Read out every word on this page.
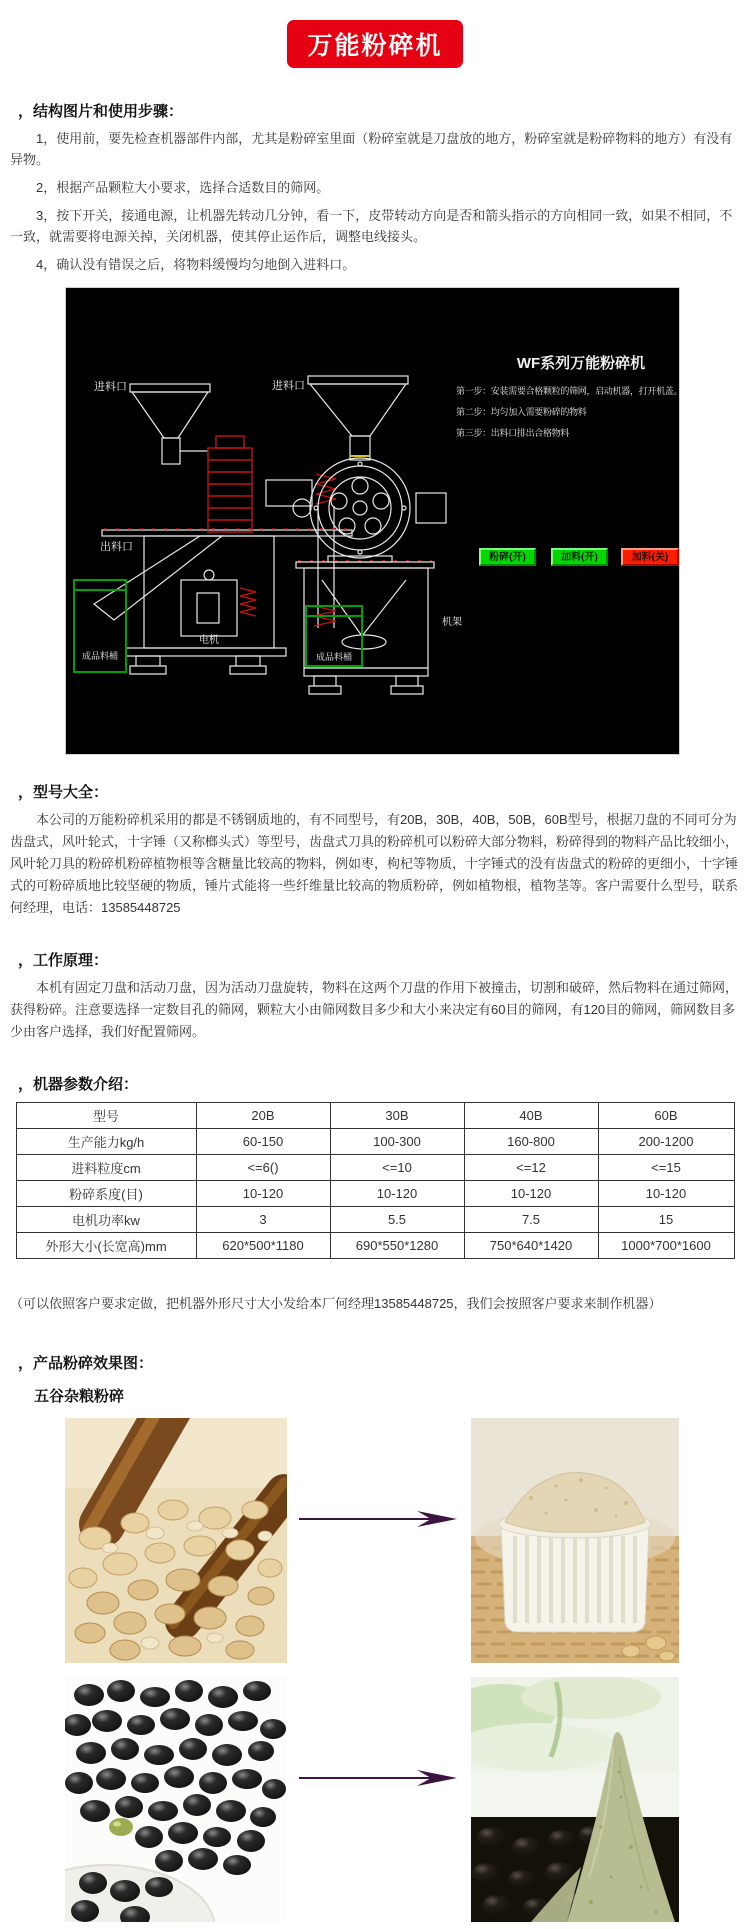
万能粉碎机

，结构图片和使用步骤：

1，使用前，要先检查机器部件内部，尤其是粉碎室里面（粉碎室就是刀盘放的地方，粉碎室就是粉碎物料的地方）有没有异物。

2，根据产品颗粒大小要求，选择合适数目的筛网。

3，按下开关，接通电源，让机器先转动几分钟，看一下，皮带转动方向是否和箭头指示的方向相同一致，如果不相同，不一致，就需要将电源关掉，关闭机器，使其停止运作后，调整电线接头。

4，确认没有错误之后，将物料缓慢均匀地倒入进料口。

进料口	进料口
出料口
电机
机架
成品料桶	成品料桶
WF系列万能粉碎机
第一步：安装需要合格颗粒的筛网，启动机器，打开机盖。
第二步：均匀加入需要粉碎的物料
第三步：出料口排出合格物料
粉碎(开)	加料(开)	加料(关)

，型号大全：

本公司的万能粉碎机采用的都是不锈钢质地的，有不同型号，有20B，30B，40B，50B，60B型号，根据刀盘的不同可分为齿盘式，风叶轮式，十字锤（又称榔头式）等型号，齿盘式刀具的粉碎机可以粉碎大部分物料，粉碎得到的物料产品比较细小，风叶轮刀具的粉碎机粉碎植物根等含糖量比较高的物料，例如枣，枸杞等物质，十字锤式的没有齿盘式的粉碎的更细小，十字锤式的可粉碎质地比较坚硬的物质，锤片式能将一些纤维量比较高的物质粉碎，例如植物根，植物茎等。客户需要什么型号，联系何经理，电话：13585448725

，工作原理：

本机有固定刀盘和活动刀盘，因为活动刀盘旋转，物料在这两个刀盘的作用下被撞击，切割和破碎，然后物料在通过筛网，获得粉碎。注意要选择一定数目孔的筛网，颗粒大小由筛网数目多少和大小来决定有60目的筛网，有120目的筛网，筛网数目多少由客户选择，我们好配置筛网。

，机器参数介绍：

型号	20B	30B	40B	60B
生产能力kg/h	60-150	100-300	160-800	200-1200
进料粒度cm	<=6()	<=10	<=12	<=15
粉碎系度(目)	10-120	10-120	10-120	10-120
电机功率kw	3	5.5	7.5	15
外形大小(长宽高)mm	620*500*1180	690*550*1280	750*640*1420	1000*700*1600

（可以依照客户要求定做，把机器外形尺寸大小发给本厂何经理13585448725，我们会按照客户要求来制作机器）

，产品粉碎效果图：

五谷杂粮粉碎
